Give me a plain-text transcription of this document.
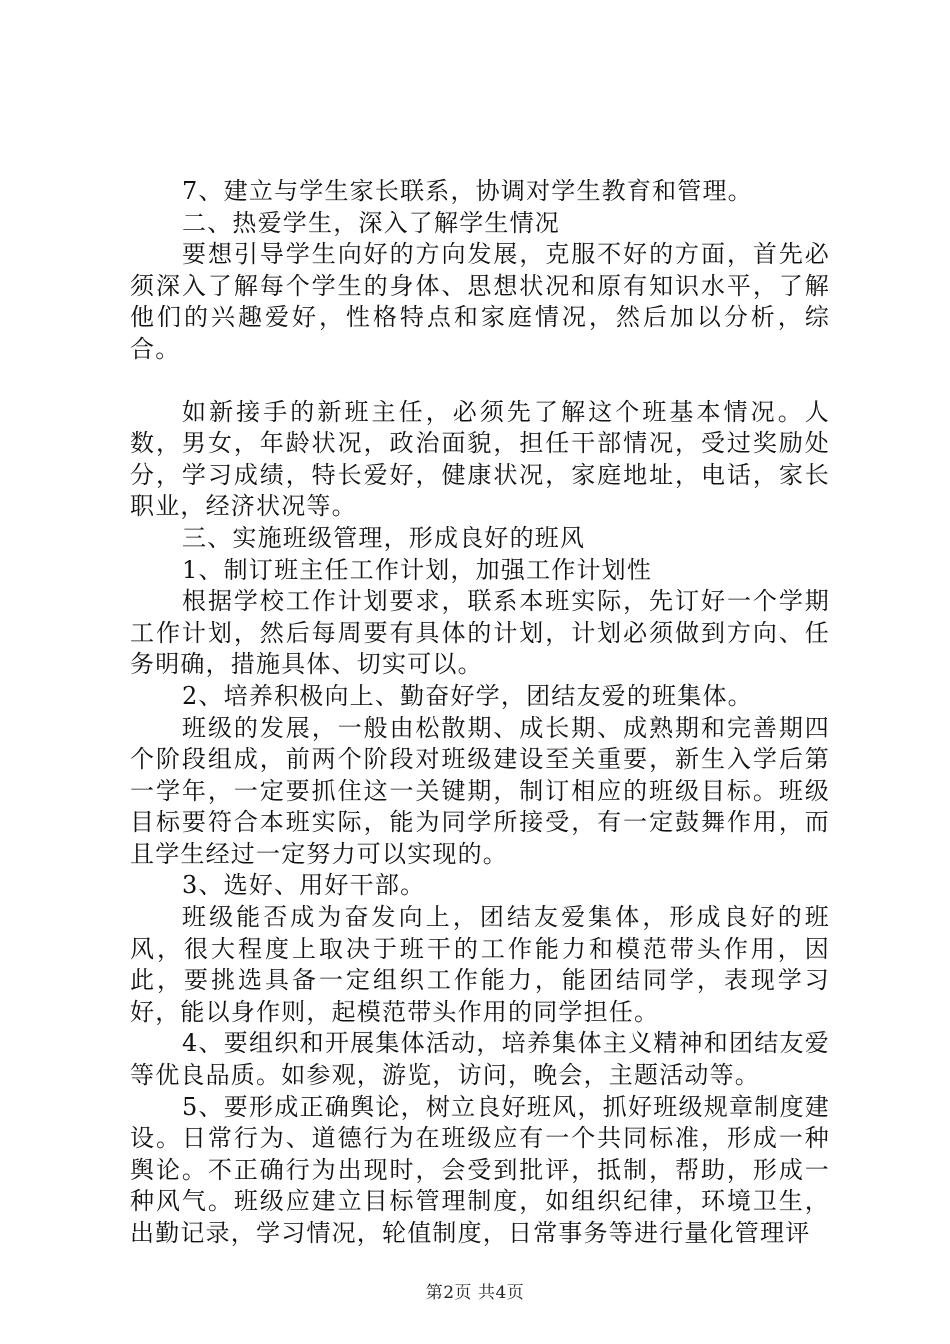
7、建立与学生家长联系，协调对学生教育和管理。

二、热爱学生，深入了解学生情况

要想引导学生向好的方向发展，克服不好的方面，首先必须深入了解每个学生的身体、思想状况和原有知识水平，了解他们的兴趣爱好，性格特点和家庭情况，然后加以分析，综合。

如新接手的新班主任，必须先了解这个班基本情况。人数，男女，年龄状况，政治面貌，担任干部情况，受过奖励处分，学习成绩，特长爱好，健康状况，家庭地址，电话，家长职业，经济状况等。

三、实施班级管理，形成良好的班风

1、制订班主任工作计划，加强工作计划性

根据学校工作计划要求，联系本班实际，先订好一个学期工作计划，然后每周要有具体的计划，计划必须做到方向、任务明确，措施具体、切实可以。

2、培养积极向上、勤奋好学，团结友爱的班集体。

班级的发展，一般由松散期、成长期、成熟期和完善期四个阶段组成，前两个阶段对班级建设至关重要，新生入学后第一学年，一定要抓住这一关键期，制订相应的班级目标。班级目标要符合本班实际，能为同学所接受，有一定鼓舞作用，而且学生经过一定努力可以实现的。

3、选好、用好干部。

班级能否成为奋发向上，团结友爱集体，形成良好的班风，很大程度上取决于班干的工作能力和模范带头作用，因此，要挑选具备一定组织工作能力，能团结同学，表现学习好，能以身作则，起模范带头作用的同学担任。

4、要组织和开展集体活动，培养集体主义精神和团结友爱等优良品质。如参观，游览，访问，晚会，主题活动等。

5、要形成正确舆论，树立良好班风，抓好班级规章制度建设。日常行为、道德行为在班级应有一个共同标准，形成一种舆论。不正确行为出现时，会受到批评，抵制，帮助，形成一种风气。班级应建立目标管理制度，如组织纪律，环境卫生，出勤记录，学习情况，轮值制度，日常事务等进行量化管理评

第2页 共4页
